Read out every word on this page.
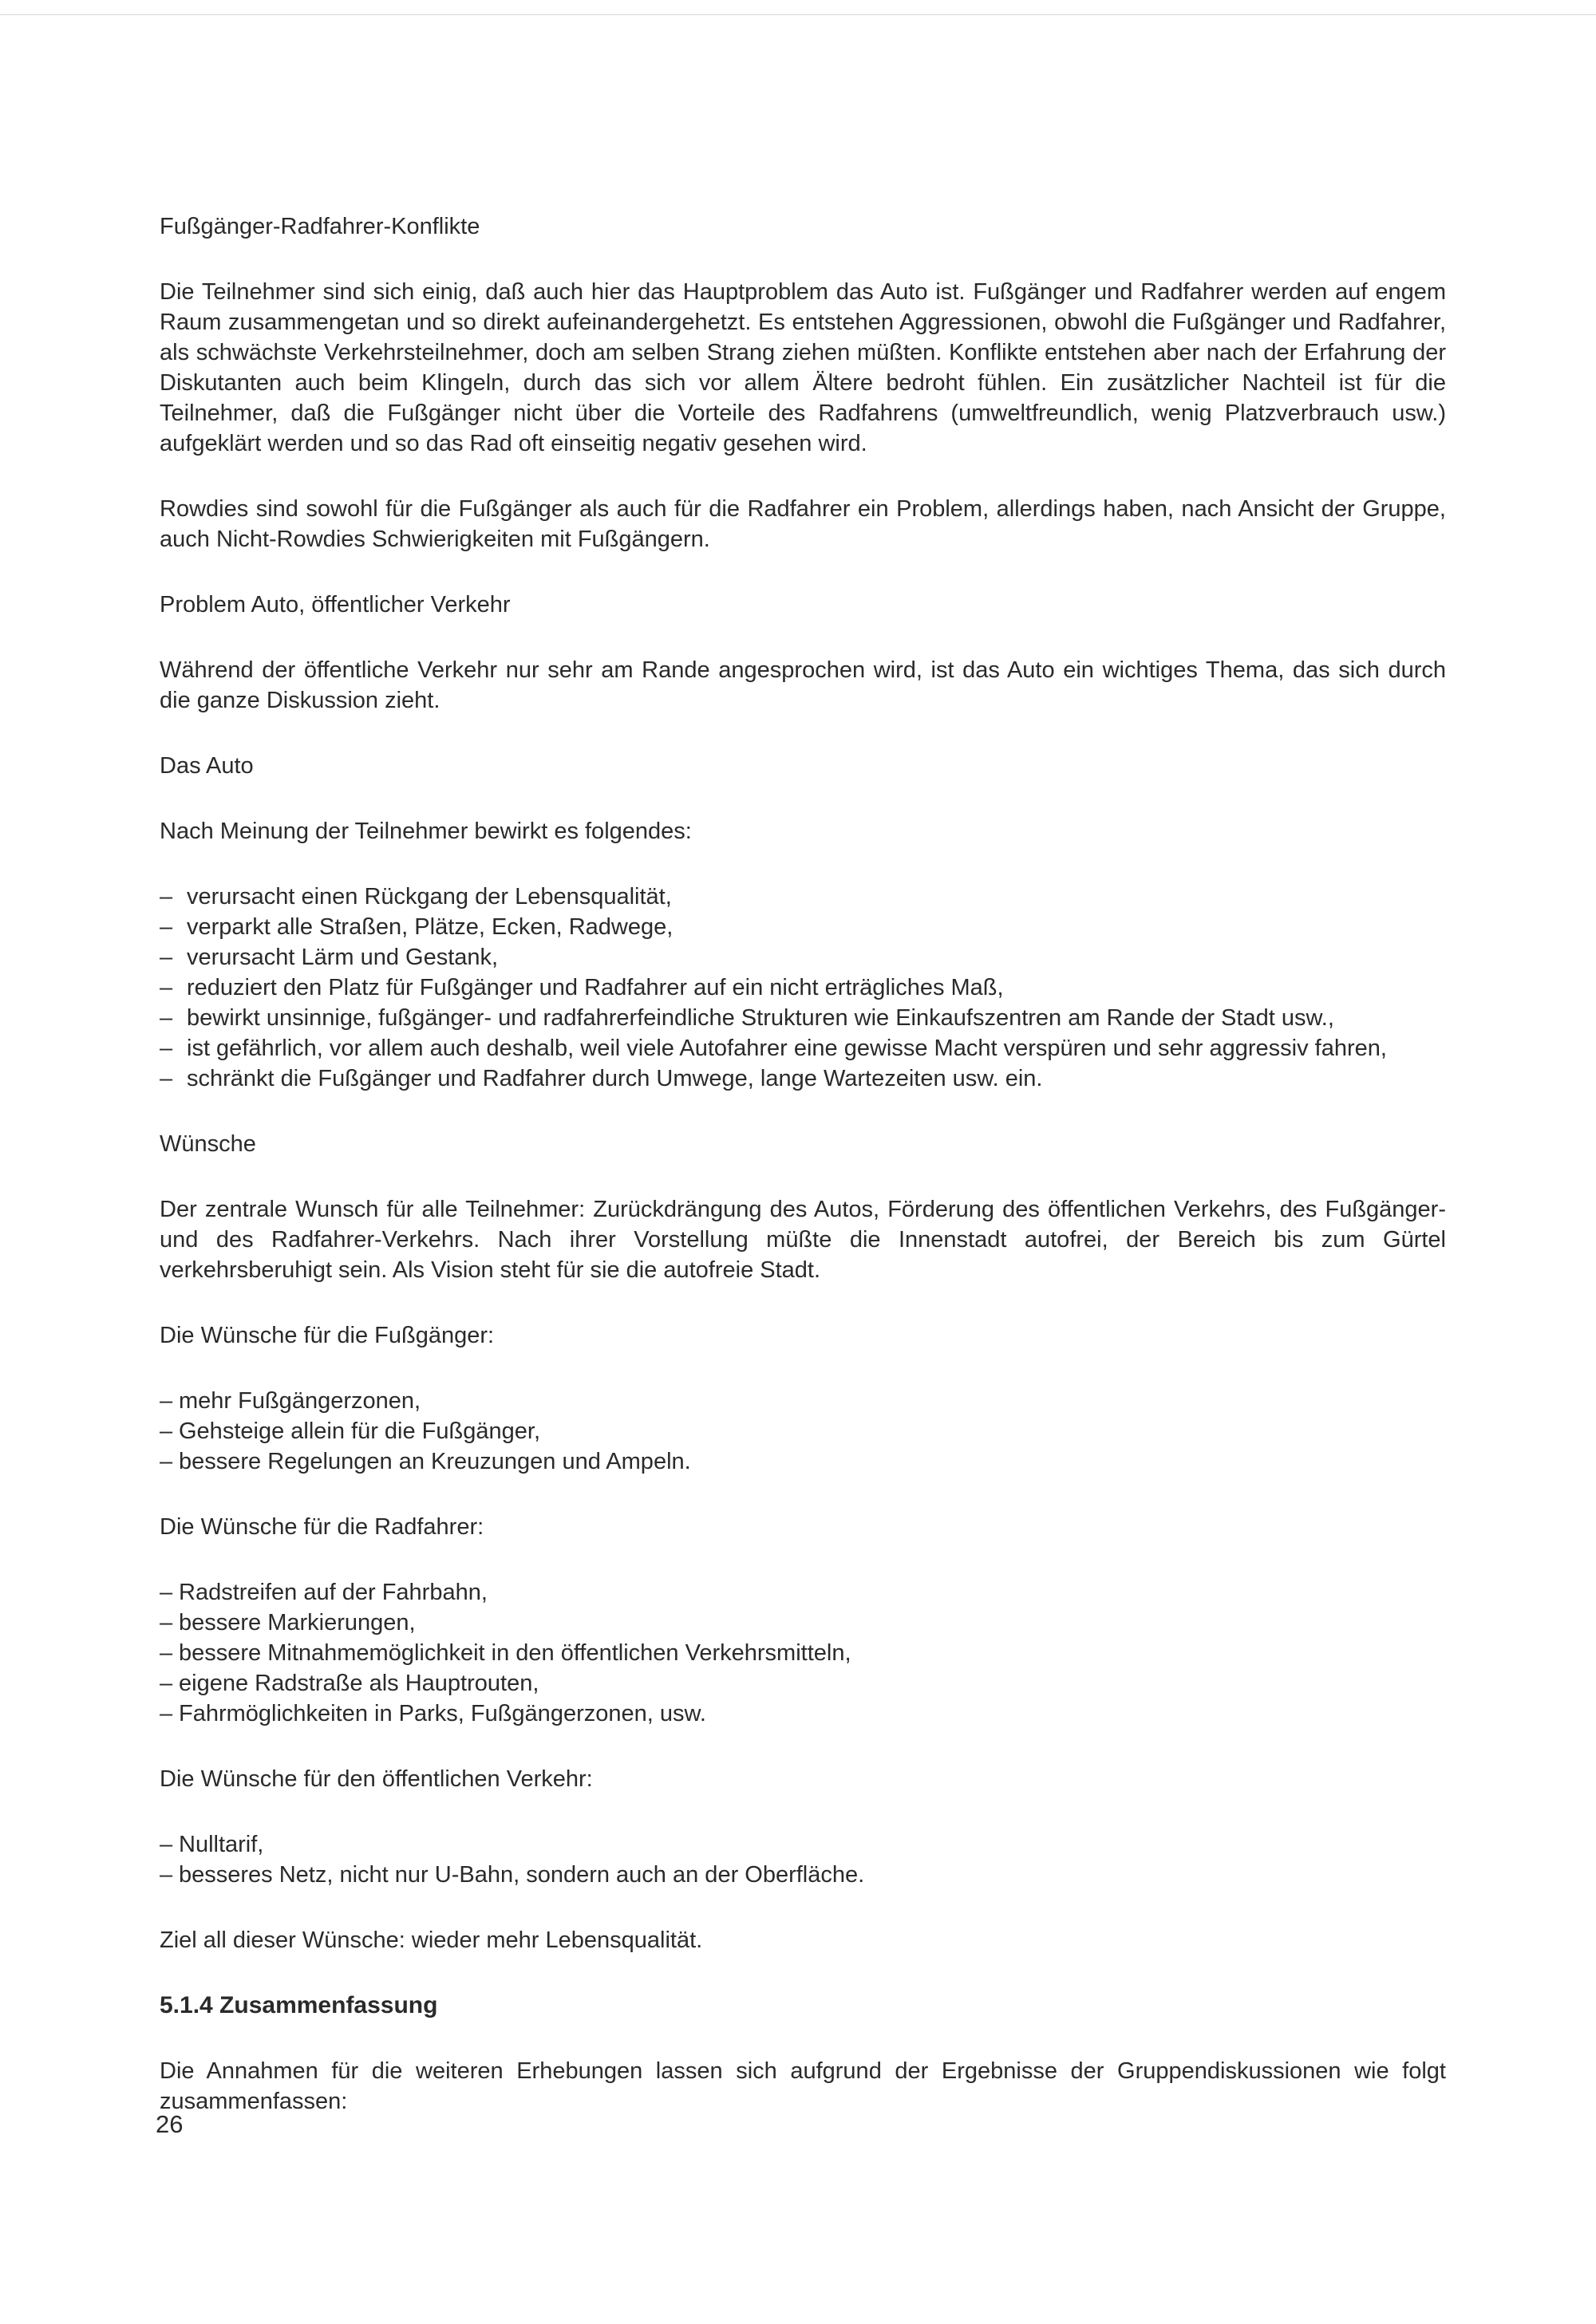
Fußgänger-Radfahrer-Konflikte

Die Teilnehmer sind sich einig, daß auch hier das Hauptproblem das Auto ist. Fußgänger und Radfahrer werden auf engem Raum zusammengetan und so direkt aufeinandergehetzt. Es entstehen Aggressionen, obwohl die Fußgänger und Radfahrer, als schwächste Verkehrsteilnehmer, doch am selben Strang ziehen müßten. Konflikte entstehen aber nach der Erfahrung der Diskutanten auch beim Klingeln, durch das sich vor allem Ältere bedroht fühlen. Ein zusätzlicher Nachteil ist für die Teilnehmer, daß die Fußgänger nicht über die Vorteile des Radfahrens (umweltfreundlich, wenig Platzverbrauch usw.) aufgeklärt werden und so das Rad oft einseitig negativ gesehen wird.

Rowdies sind sowohl für die Fußgänger als auch für die Radfahrer ein Problem, allerdings haben, nach Ansicht der Gruppe, auch Nicht-Rowdies Schwierigkeiten mit Fußgängern.

Problem Auto, öffentlicher Verkehr

Während der öffentliche Verkehr nur sehr am Rande angesprochen wird, ist das Auto ein wichtiges Thema, das sich durch die ganze Diskussion zieht.

Das Auto

Nach Meinung der Teilnehmer bewirkt es folgendes:

– verursacht einen Rückgang der Lebensqualität,
– verparkt alle Straßen, Plätze, Ecken, Radwege,
– verursacht Lärm und Gestank,
– reduziert den Platz für Fußgänger und Radfahrer auf ein nicht erträgliches Maß,
– bewirkt unsinnige, fußgänger- und radfahrerfeindliche Strukturen wie Einkaufszentren am Rande der Stadt usw.,
– ist gefährlich, vor allem auch deshalb, weil viele Autofahrer eine gewisse Macht verspüren und sehr aggressiv fahren,
– schränkt die Fußgänger und Radfahrer durch Umwege, lange Wartezeiten usw. ein.

Wünsche

Der zentrale Wunsch für alle Teilnehmer: Zurückdrängung des Autos, Förderung des öffentlichen Verkehrs, des Fußgänger- und des Radfahrer-Verkehrs. Nach ihrer Vorstellung müßte die Innenstadt autofrei, der Bereich bis zum Gürtel verkehrsberuhigt sein. Als Vision steht für sie die autofreie Stadt.

Die Wünsche für die Fußgänger:

– mehr Fußgängerzonen,
– Gehsteige allein für die Fußgänger,
– bessere Regelungen an Kreuzungen und Ampeln.

Die Wünsche für die Radfahrer:

– Radstreifen auf der Fahrbahn,
– bessere Markierungen,
– bessere Mitnahmemöglichkeit in den öffentlichen Verkehrsmitteln,
– eigene Radstraße als Hauptrouten,
– Fahrmöglichkeiten in Parks, Fußgängerzonen, usw.

Die Wünsche für den öffentlichen Verkehr:

– Nulltarif,
– besseres Netz, nicht nur U-Bahn, sondern auch an der Oberfläche.

Ziel all dieser Wünsche: wieder mehr Lebensqualität.

5.1.4 Zusammenfassung

Die Annahmen für die weiteren Erhebungen lassen sich aufgrund der Ergebnisse der Gruppendiskussionen wie folgt zusammenfassen:

26
